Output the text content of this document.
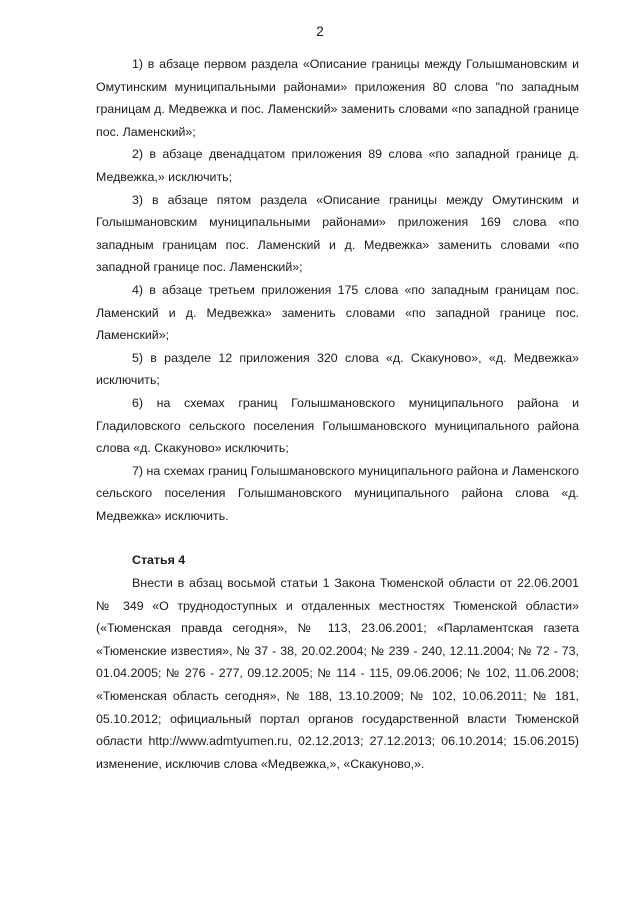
2

1) в абзаце первом раздела «Описание границы между Голышмановским и Омутинским муниципальными районами» приложения 80 слова "по западным границам д. Медвежка и пос. Ламенский» заменить словами «по западной границе пос. Ламенский»;

2) в абзаце двенадцатом приложения 89 слова «по западной границе д. Медвежка,» исключить;

3) в абзаце пятом раздела «Описание границы между Омутинским и Голышмановским муниципальными районами» приложения 169 слова «по западным границам пос. Ламенский и д. Медвежка» заменить словами «по западной границе пос. Ламенский»;

4) в абзаце третьем приложения 175 слова «по западным границам пос. Ламенский и д. Медвежка» заменить словами «по западной границе пос. Ламенский»;

5) в разделе 12 приложения 320 слова «д. Скакуново», «д. Медвежка» исключить;

6) на схемах границ Голышмановского муниципального района и Гладиловского сельского поселения Голышмановского муниципального района слова «д. Скакуново» исключить;

7) на схемах границ Голышмановского муниципального района и Ламенского сельского поселения Голышмановского муниципального района слова «д. Медвежка» исключить.

Статья 4

Внести в абзац восьмой статьи 1 Закона Тюменской области от 22.06.2001 № 349 «О труднодоступных и отдаленных местностях Тюменской области» («Тюменская правда сегодня», № 113, 23.06.2001; «Парламентская газета «Тюменские известия», № 37 - 38, 20.02.2004; № 239 - 240, 12.11.2004; № 72 - 73, 01.04.2005; № 276 - 277, 09.12.2005; № 114 - 115, 09.06.2006; № 102, 11.06.2008; «Тюменская область сегодня», № 188, 13.10.2009; № 102, 10.06.2011; № 181, 05.10.2012; официальный портал органов государственной власти Тюменской области http://www.admtyumen.ru, 02.12.2013; 27.12.2013; 06.10.2014; 15.06.2015) изменение, исключив слова «Медвежка,», «Скакуново,».
